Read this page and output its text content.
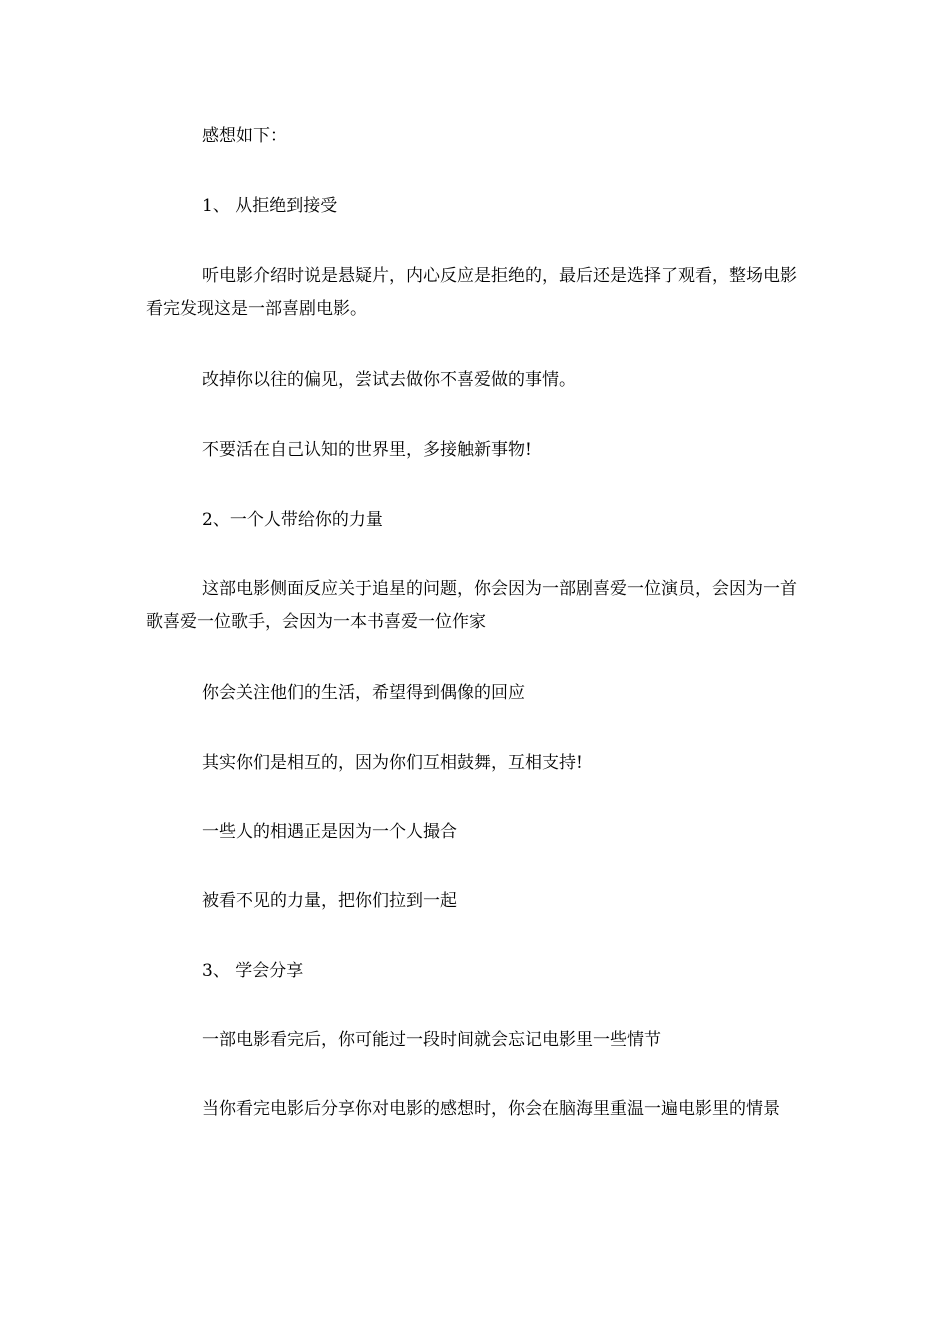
感想如下：

1、 从拒绝到接受

听电影介绍时说是悬疑片，内心反应是拒绝的，最后还是选择了观看，整场电影看完发现这是一部喜剧电影。

改掉你以往的偏见，尝试去做你不喜爱做的事情。

不要活在自己认知的世界里，多接触新事物!

2、一个人带给你的力量

这部电影侧面反应关于追星的问题，你会因为一部剧喜爱一位演员，会因为一首歌喜爱一位歌手，会因为一本书喜爱一位作家

你会关注他们的生活，希望得到偶像的回应

其实你们是相互的，因为你们互相鼓舞，互相支持!

一些人的相遇正是因为一个人撮合

被看不见的力量，把你们拉到一起

3、 学会分享

一部电影看完后，你可能过一段时间就会忘记电影里一些情节

当你看完电影后分享你对电影的感想时，你会在脑海里重温一遍电影里的情景
